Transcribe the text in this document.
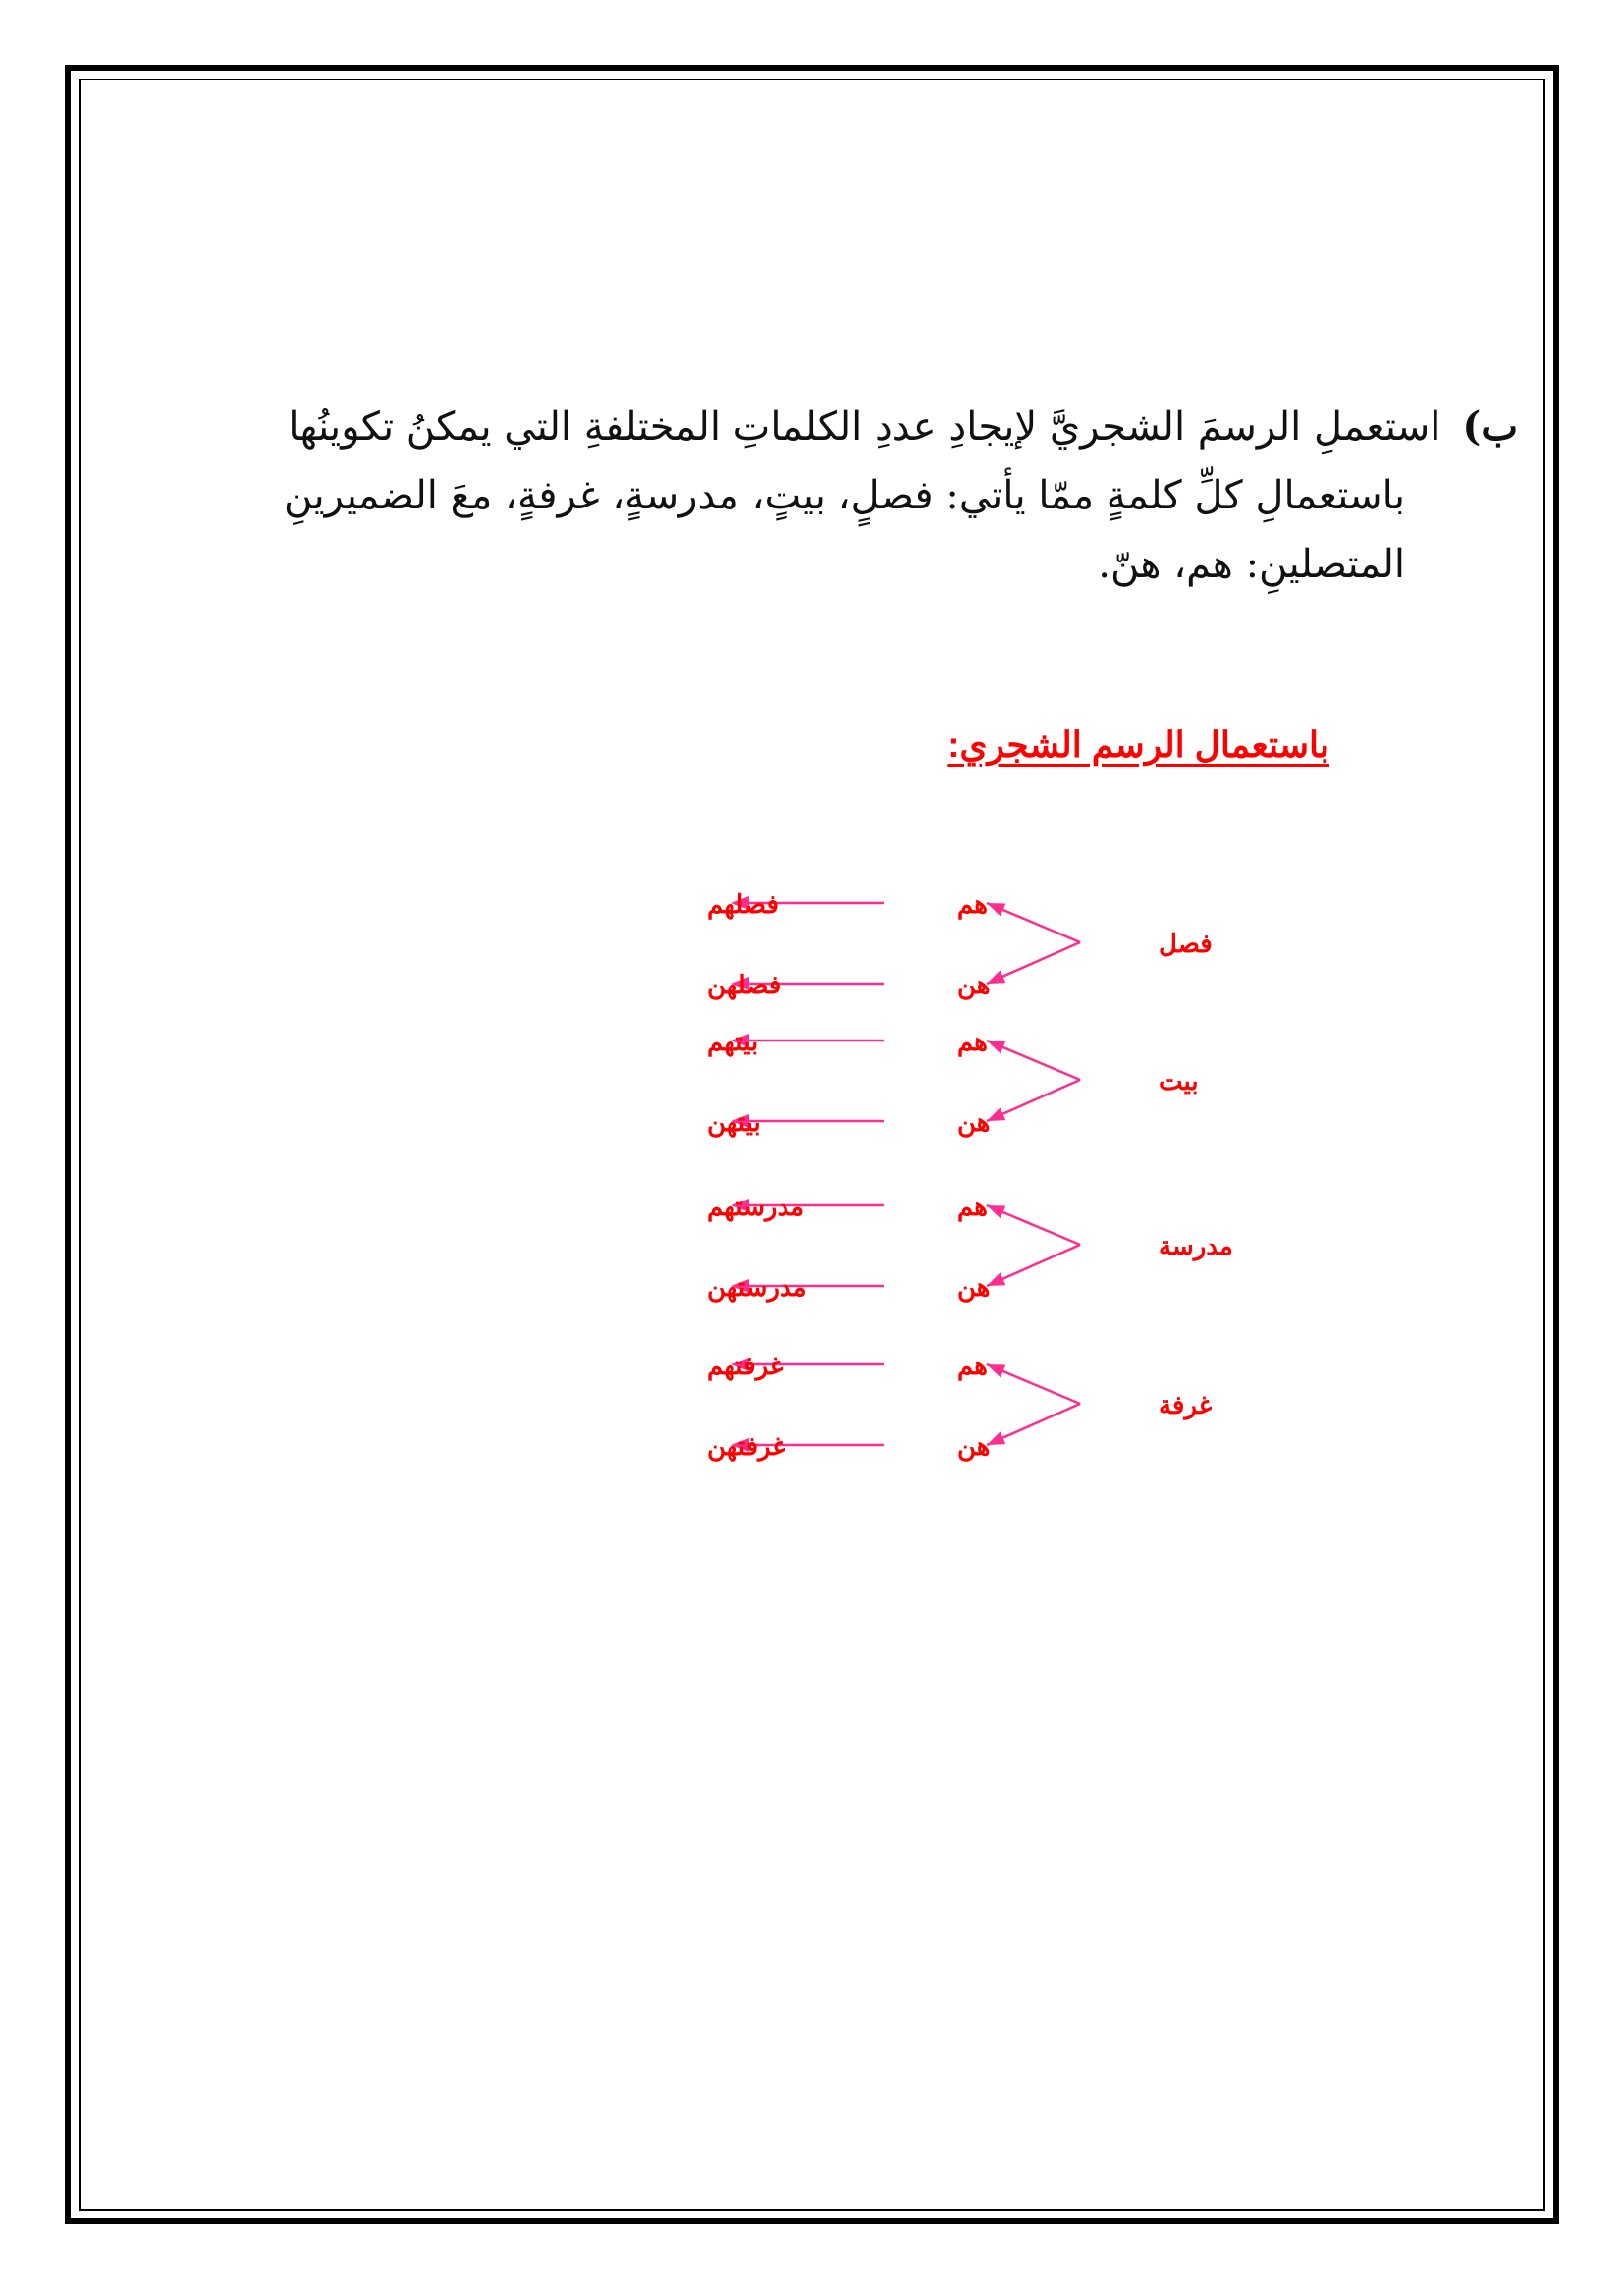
ب)استعملِ الرسمَ الشجريَّ لإيجادِ عددِ الكلماتِ المختلفةِ التي يمكنُ تكوينُها
باستعمالِ كلِّ كلمةٍ ممّا يأتي: فصلٍ، بيتٍ، مدرسةٍ، غرفةٍ، معَ الضميرينِ
المتصلينِ: هم، هنّ.
باستعمال الرسم الشجري:
فصل
هم
هن
فصلهم
فصلهن
بيت
هم
هن
بيتهم
بيتهن
مدرسة
هم
هن
مدرستهم
مدرستهن
غرفة
هم
هن
غرفتهم
غرفتهن
